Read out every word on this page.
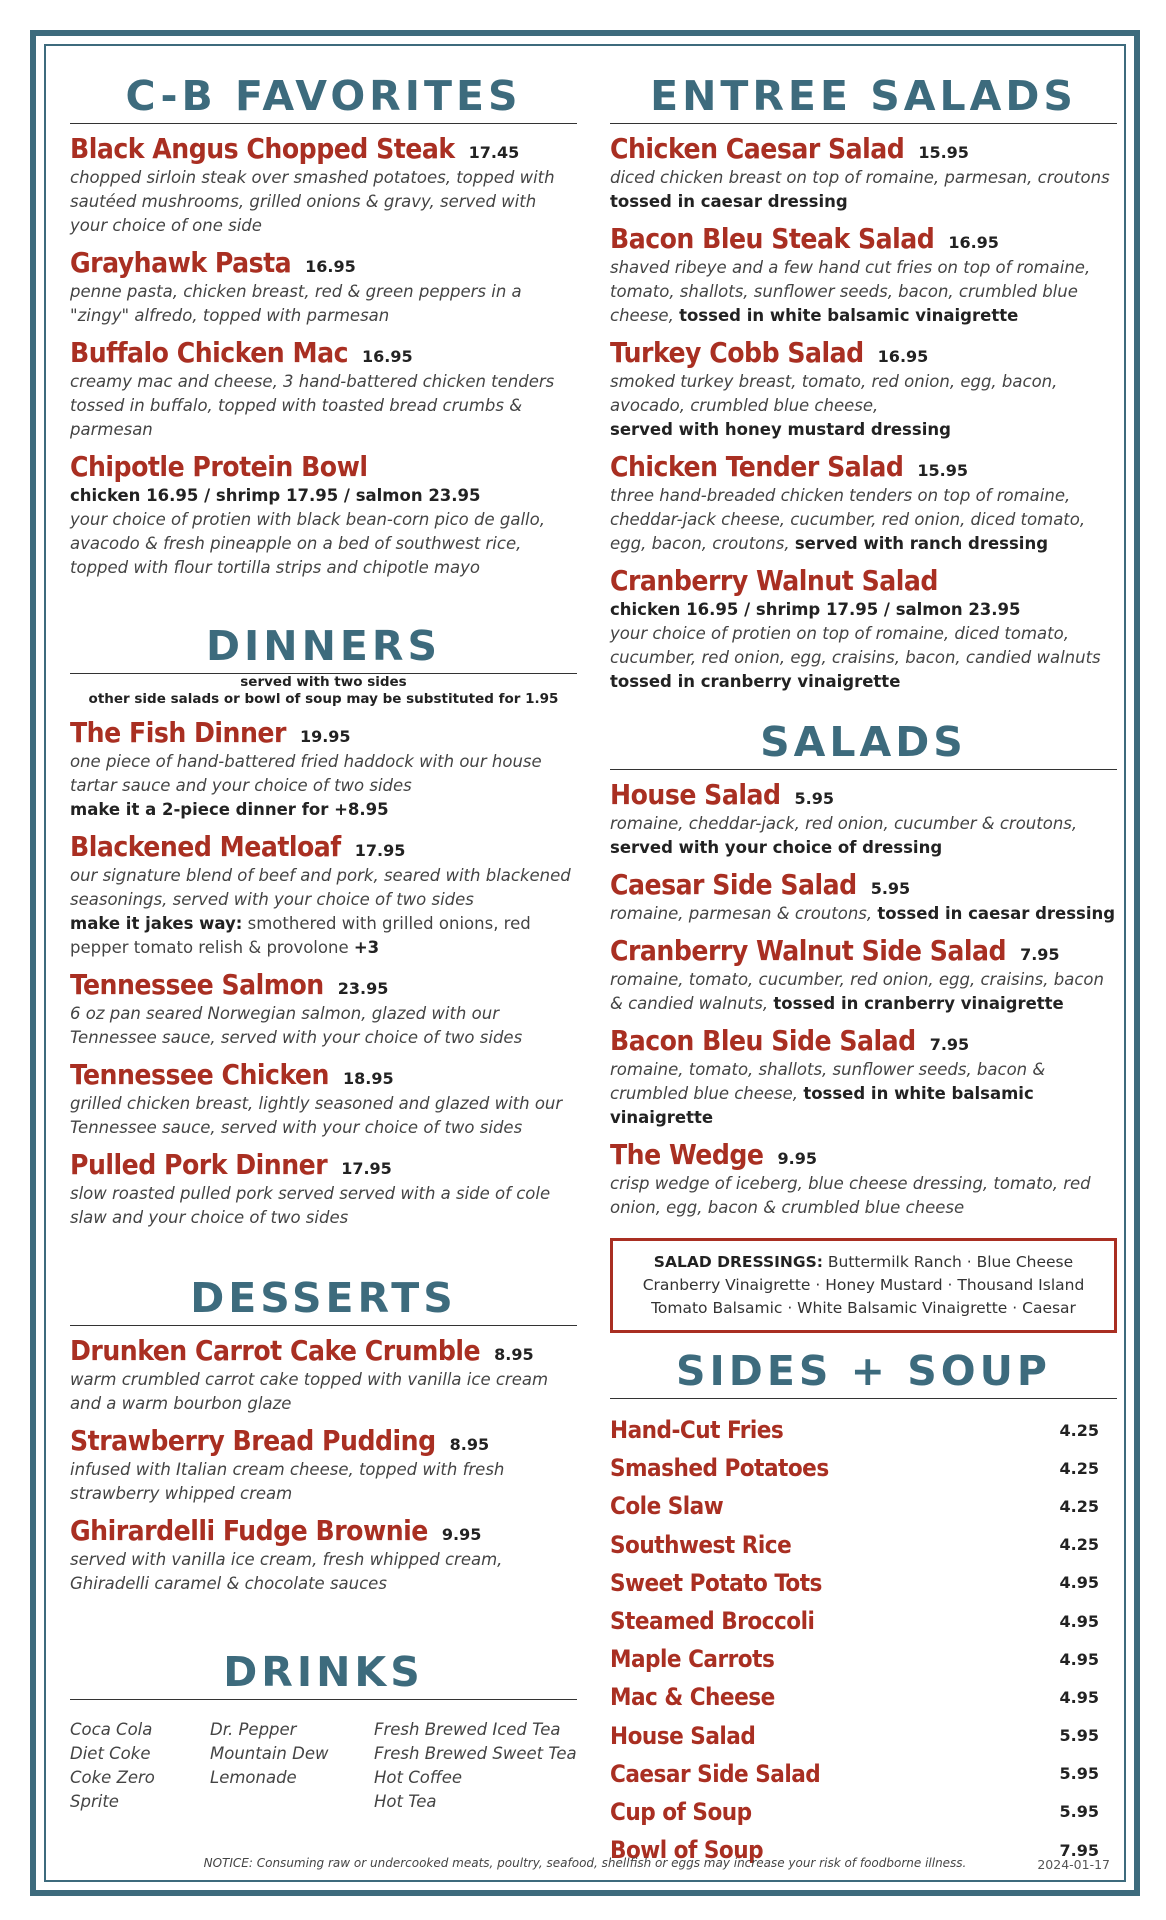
C-B FAVORITES
Black Angus Chopped Steak 17.45
chopped sirloin steak over smashed potatoes, topped with sautéed mushrooms, grilled onions & gravy, served with your choice of one side
Grayhawk Pasta 16.95
penne pasta, chicken breast, red & green peppers in a "zingy" alfredo, topped with parmesan
Buffalo Chicken Mac 16.95
creamy mac and cheese, 3 hand-battered chicken tenders tossed in buffalo, topped with toasted bread crumbs & parmesan
Chipotle Protein Bowl
chicken 16.95 / shrimp 17.95 / salmon 23.95
your choice of protien with black bean-corn pico de gallo, avacodo & fresh pineapple on a bed of southwest rice, topped with flour tortilla strips and chipotle mayo
DINNERS
served with two sides
other side salads or bowl of soup may be substituted for 1.95
The Fish Dinner 19.95
one piece of hand-battered fried haddock with our house tartar sauce and your choice of two sides
make it a 2-piece dinner for +8.95
Blackened Meatloaf 17.95
our signature blend of beef and pork, seared with blackened seasonings, served with your choice of two sides
make it jakes way: smothered with grilled onions, red pepper tomato relish & provolone +3
Tennessee Salmon 23.95
6 oz pan seared Norwegian salmon, glazed with our Tennessee sauce, served with your choice of two sides
Tennessee Chicken 18.95
grilled chicken breast, lightly seasoned and glazed with our Tennessee sauce, served with your choice of two sides
Pulled Pork Dinner 17.95
slow roasted pulled pork served served with a side of cole slaw and your choice of two sides
DESSERTS
Drunken Carrot Cake Crumble 8.95
warm crumbled carrot cake topped with vanilla ice cream and a warm bourbon glaze
Strawberry Bread Pudding 8.95
infused with Italian cream cheese, topped with fresh strawberry whipped cream
Ghirardelli Fudge Brownie 9.95
served with vanilla ice cream, fresh whipped cream, Ghiradelli caramel & chocolate sauces
DRINKS
Coca Cola
Diet Coke
Coke Zero
Sprite
Dr. Pepper
Mountain Dew
Lemonade
Fresh Brewed Iced Tea
Fresh Brewed Sweet Tea
Hot Coffee
Hot Tea
ENTREE SALADS
Chicken Caesar Salad 15.95
diced chicken breast on top of romaine, parmesan, croutons
tossed in caesar dressing
Bacon Bleu Steak Salad 16.95
shaved ribeye and a few hand cut fries on top of romaine, tomato, shallots, sunflower seeds, bacon, crumbled blue cheese, tossed in white balsamic vinaigrette
Turkey Cobb Salad 16.95
smoked turkey breast, tomato, red onion, egg, bacon, avocado, crumbled blue cheese,
served with honey mustard dressing
Chicken Tender Salad 15.95
three hand-breaded chicken tenders on top of romaine, cheddar-jack cheese, cucumber, red onion, diced tomato, egg, bacon, croutons, served with ranch dressing
Cranberry Walnut Salad
chicken 16.95 / shrimp 17.95 / salmon 23.95
your choice of protien on top of romaine, diced tomato, cucumber, red onion, egg, craisins, bacon, candied walnuts
tossed in cranberry vinaigrette
SALADS
House Salad 5.95
romaine, cheddar-jack, red onion, cucumber & croutons,
served with your choice of dressing
Caesar Side Salad 5.95
romaine, parmesan & croutons, tossed in caesar dressing
Cranberry Walnut Side Salad 7.95
romaine, tomato, cucumber, red onion, egg, craisins, bacon & candied walnuts, tossed in cranberry vinaigrette
Bacon Bleu Side Salad 7.95
romaine, tomato, shallots, sunflower seeds, bacon & crumbled blue cheese, tossed in white balsamic vinaigrette
The Wedge 9.95
crisp wedge of iceberg, blue cheese dressing, tomato, red onion, egg, bacon & crumbled blue cheese
SALAD DRESSINGS: Buttermilk Ranch · Blue Cheese
Cranberry Vinaigrette · Honey Mustard · Thousand Island
Tomato Balsamic · White Balsamic Vinaigrette · Caesar
SIDES + SOUP
Hand-Cut Fries	4.25
Smashed Potatoes	4.25
Cole Slaw	4.25
Southwest Rice	4.25
Sweet Potato Tots	4.95
Steamed Broccoli	4.95
Maple Carrots	4.95
Mac & Cheese	4.95
House Salad	5.95
Caesar Side Salad	5.95
Cup of Soup	5.95
Bowl of Soup	7.95
NOTICE: Consuming raw or undercooked meats, poultry, seafood, shellfish or eggs may increase your risk of foodborne illness.	2024-01-17
